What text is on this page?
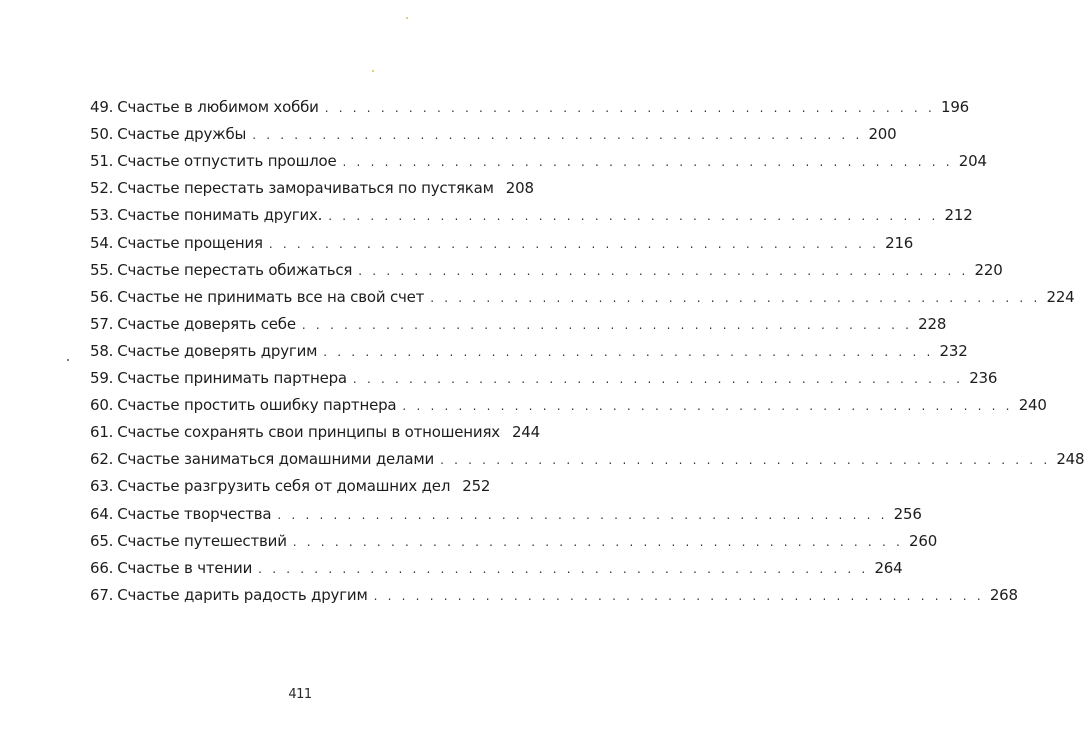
49. Счастье в любимом хобби . . . . . . . . . . . . . . . . . . . . . . . . . . . . . . . . . . . . . . . . . . . . 196
50. Счастье дружбы . . . . . . . . . . . . . . . . . . . . . . . . . . . . . . . . . . . . . . . . . . . . 200
51. Счастье отпустить прошлое . . . . . . . . . . . . . . . . . . . . . . . . . . . . . . . . . . . . . . . . . . . . 204
52. Счастье перестать заморачиваться по пустякам 208
53. Счастье понимать других. . . . . . . . . . . . . . . . . . . . . . . . . . . . . . . . . . . . . . . . . . . . . 212
54. Счастье прощения . . . . . . . . . . . . . . . . . . . . . . . . . . . . . . . . . . . . . . . . . . . . 216
55. Счастье перестать обижаться . . . . . . . . . . . . . . . . . . . . . . . . . . . . . . . . . . . . . . . . . . . . 220
56. Счастье не принимать все на свой счет . . . . . . . . . . . . . . . . . . . . . . . . . . . . . . . . . . . . . . . . . . . . 224
57. Счастье доверять себе . . . . . . . . . . . . . . . . . . . . . . . . . . . . . . . . . . . . . . . . . . . . 228
58. Счастье доверять другим . . . . . . . . . . . . . . . . . . . . . . . . . . . . . . . . . . . . . . . . . . . . 232
59. Счастье принимать партнера . . . . . . . . . . . . . . . . . . . . . . . . . . . . . . . . . . . . . . . . . . . . 236
60. Счастье простить ошибку партнера . . . . . . . . . . . . . . . . . . . . . . . . . . . . . . . . . . . . . . . . . . . . 240
61. Счастье сохранять свои принципы в отношениях 244
62. Счастье заниматься домашними делами . . . . . . . . . . . . . . . . . . . . . . . . . . . . . . . . . . . . . . . . . . . . 248
63. Счастье разгрузить себя от домашних дел 252
64. Счастье творчества . . . . . . . . . . . . . . . . . . . . . . . . . . . . . . . . . . . . . . . . . . . . 256
65. Счастье путешествий . . . . . . . . . . . . . . . . . . . . . . . . . . . . . . . . . . . . . . . . . . . . 260
66. Счастье в чтении . . . . . . . . . . . . . . . . . . . . . . . . . . . . . . . . . . . . . . . . . . . . 264
67. Счастье дарить радость другим . . . . . . . . . . . . . . . . . . . . . . . . . . . . . . . . . . . . . . . . . . . . 268
411
